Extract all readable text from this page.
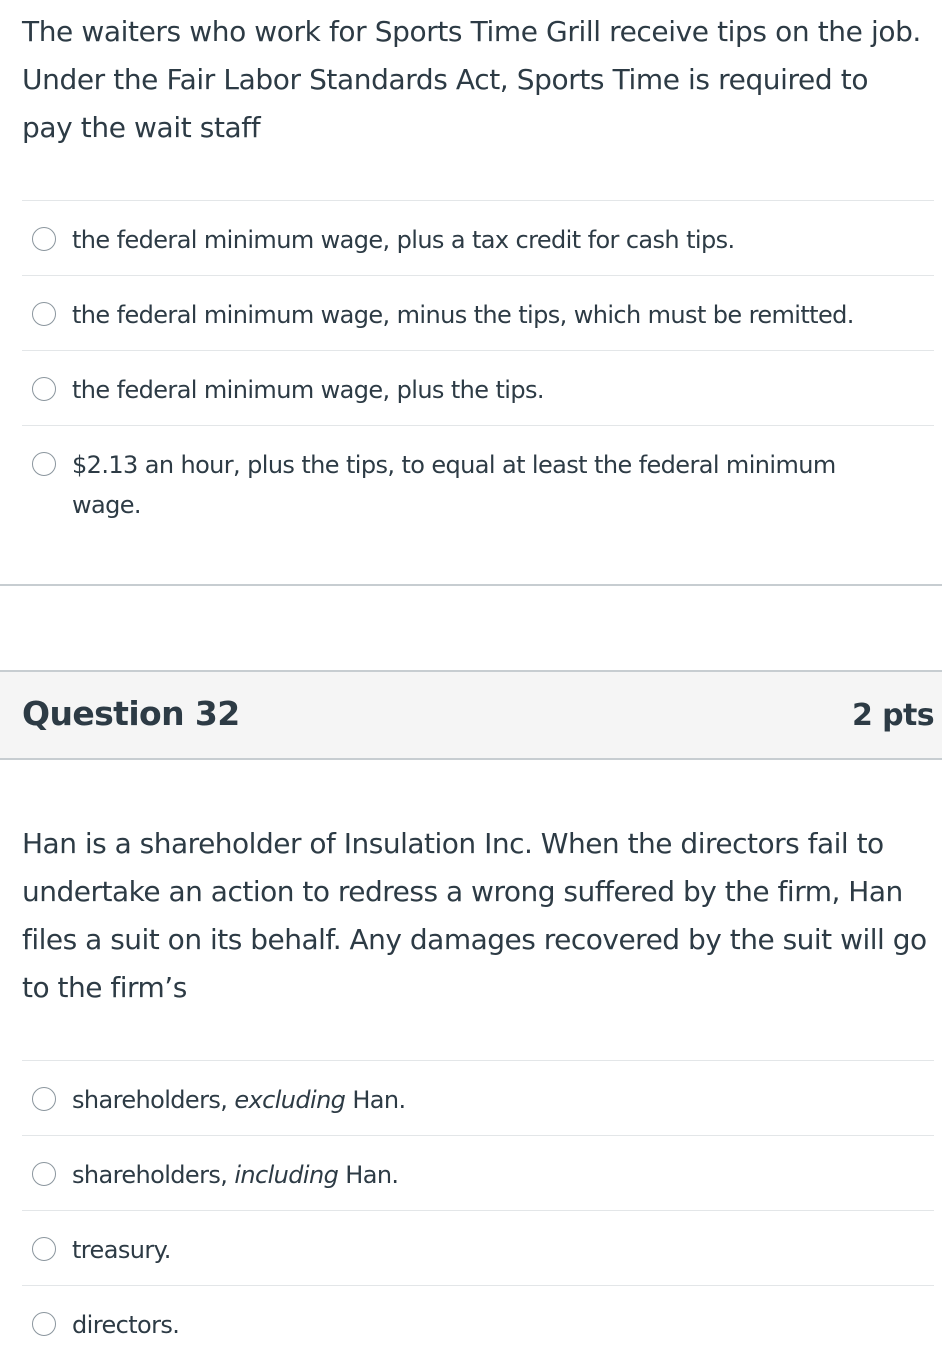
The waiters who work for Sports Time Grill receive tips on the job. Under the Fair Labor Standards Act, Sports Time is required to pay the wait staff

the federal minimum wage, plus a tax credit for cash tips.
the federal minimum wage, minus the tips, which must be remitted.
the federal minimum wage, plus the tips.
$2.13 an hour, plus the tips, to equal at least the federal minimum wage.
Question 32	2 pts

Han is a shareholder of Insulation Inc. When the directors fail to undertake an action to redress a wrong suffered by the firm, Han files a suit on its behalf. Any damages recovered by the suit will go to the firm’s

shareholders, excluding Han.
shareholders, including Han.
treasury.
directors.
